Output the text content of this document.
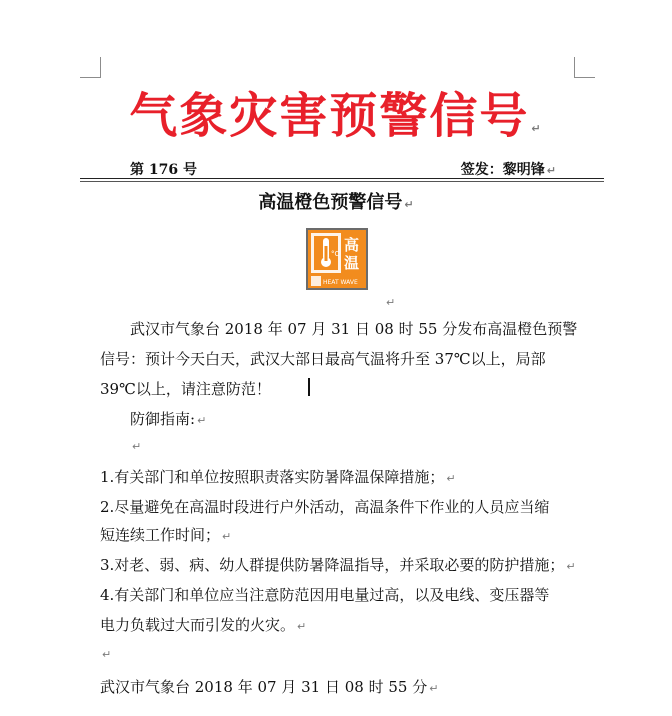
气象灾害预警信号 ↵
第 176 号	签发：黎明锋 ↵
高温橙色预警信号 ↵
°C 高
温
HEAT WAVE
↵
武汉市气象台 2018 年 07 月 31 日 08 时 55 分发布高温橙色预警
信号：预计今天白天，武汉大部日最高气温将升至 37℃以上，局部
39℃以上，请注意防范！
防御指南: ↵
↵
1.有关部门和单位按照职责落实防暑降温保障措施； ↵
2.尽量避免在高温时段进行户外活动，高温条件下作业的人员应当缩
短连续工作时间； ↵
3.对老、弱、病、幼人群提供防暑降温指导，并采取必要的防护措施； ↵
4.有关部门和单位应当注意防范因用电量过高，以及电线、变压器等
电力负载过大而引发的火灾。 ↵
↵
武汉市气象台 2018 年 07 月 31 日 08 时 55 分 ↵
